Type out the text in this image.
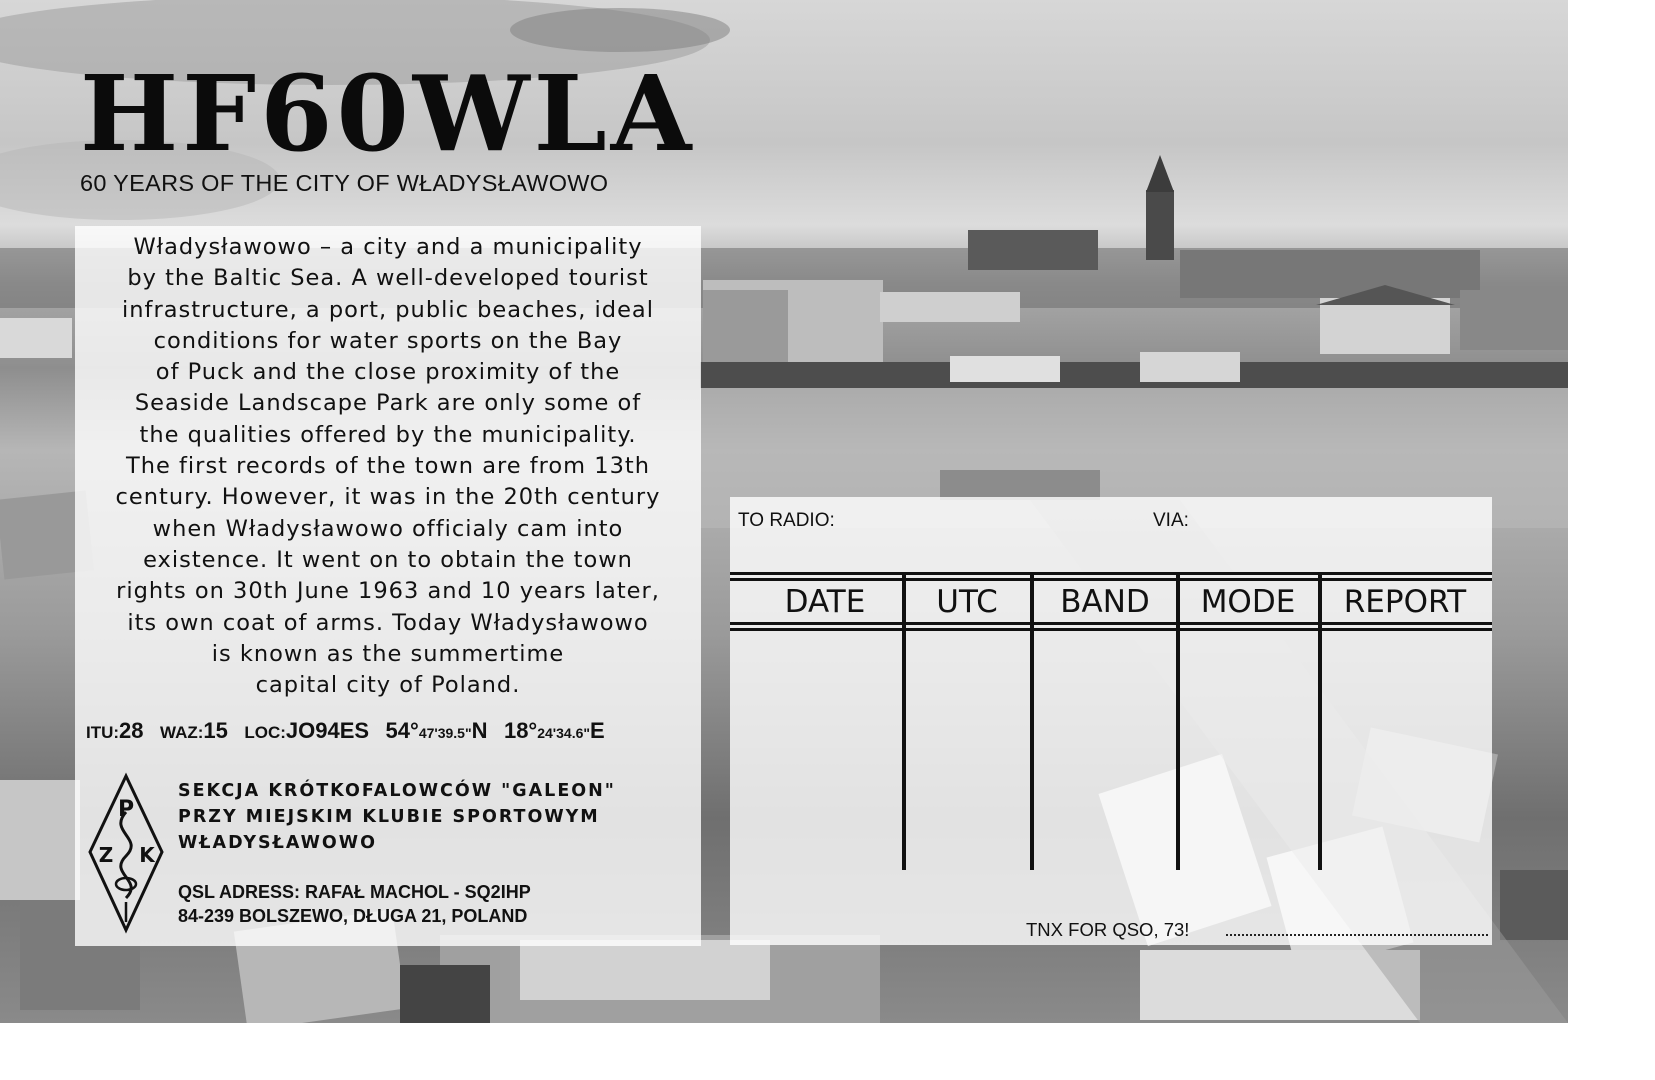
HF60WLA
60 YEARS OF THE CITY OF WŁADYSŁAWOWO
Władysławowo – a city and a municipality
by the Baltic Sea. A well-developed tourist
infrastructure, a port, public beaches, ideal
conditions for water sports on the Bay
of Puck and the close proximity of the
Seaside Landscape Park are only some of
the qualities offered by the municipality.
The first records of the town are from 13th
century. However, it was in the 20th century
when Władysławowo officialy cam into
existence. It went on to obtain the town
rights on 30th June 1963 and 10 years later,
its own coat of arms. Today Władysławowo
is known as the summertime
capital city of Poland.
ITU:28 WAZ:15 LOC:JO94ES 54°47'39.5"N 18°24'34.6"E
P
Z K
SEKCJA KRÓTKOFALOWCÓW "GALEON"
PRZY MIEJSKIM KLUBIE SPORTOWYM
WŁADYSŁAWOWO
QSL ADRESS: RAFAŁ MACHOL - SQ2IHP
84-239 BOLSZEWO, DŁUGA 21, POLAND
TO RADIO:	VIA:
DATE	UTC	BAND	MODE	REPORT
TNX FOR QSO, 73!
